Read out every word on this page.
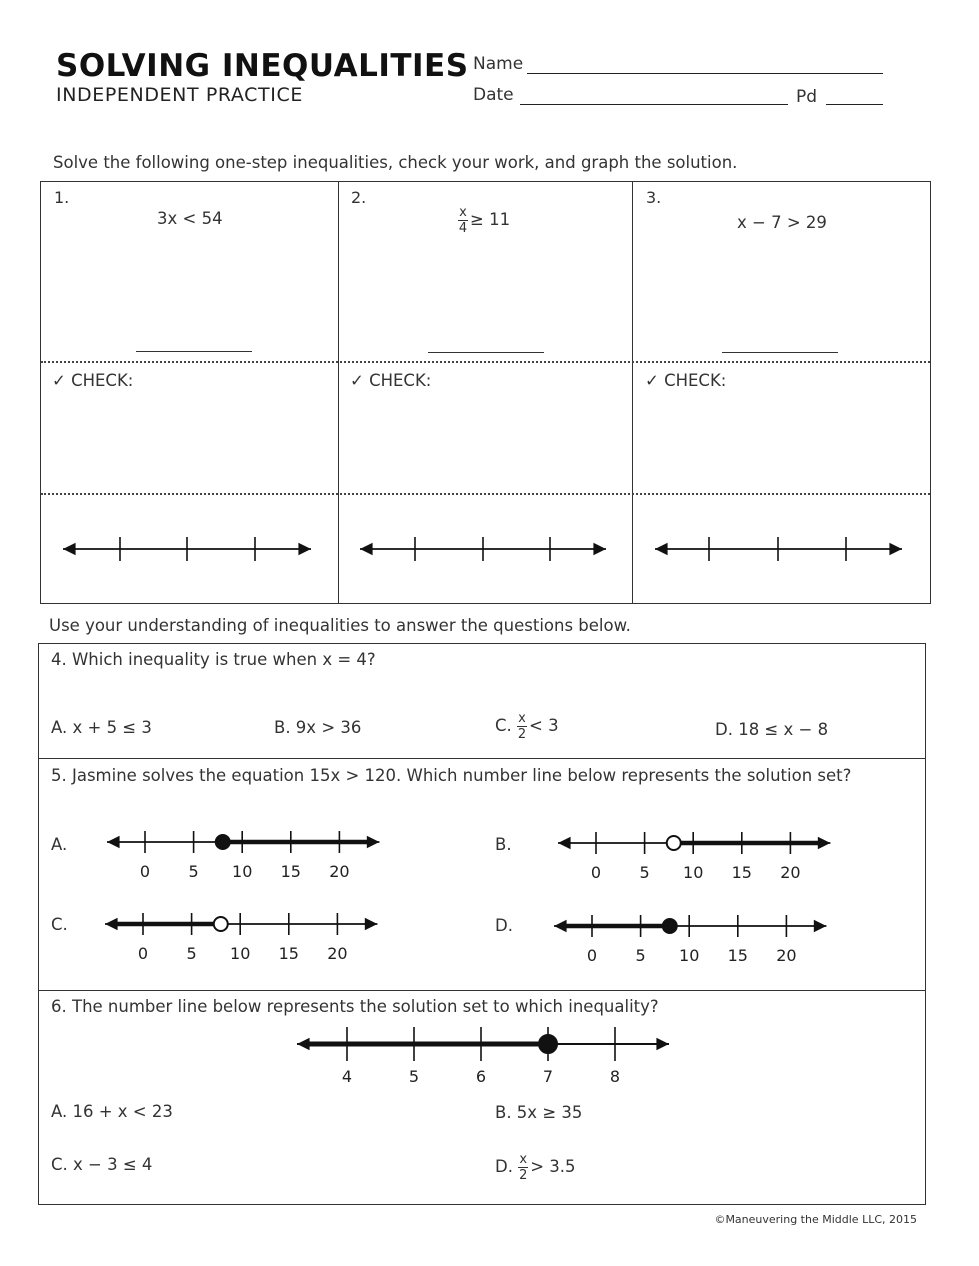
SOLVING INEQUALITIES
INDEPENDENT PRACTICE
Name
Date	Pd
Solve the following one-step inequalities, check your work, and graph the solution.
1.
3x < 54
✓ CHECK:
2.
$\frac{x}{4} \ge 11$
✓ CHECK:
3.
x − 7 > 29
✓ CHECK:
Use your understanding of inequalities to answer the questions below.
4. Which inequality is true when x = 4?
A. x + 5 ≤ 3	B. 9x > 36	C. $\frac{x}{2} < 3$	D. 18 ≤ x − 8
5. Jasmine solves the equation 15x > 120. Which number line below represents the solution set?
A.	B.
C.	D.
0 5 10 15 20	0 5 10 15 20
0 5 10 15 20	0 5 10 15 20
6. The number line below represents the solution set to which inequality?
4	5	6	7	8
A. 16 + x < 23	B. 5x ≥ 35
C. x − 3 ≤ 4	D. $\frac{x}{2} > 3.5$
©Maneuvering the Middle LLC, 2015
